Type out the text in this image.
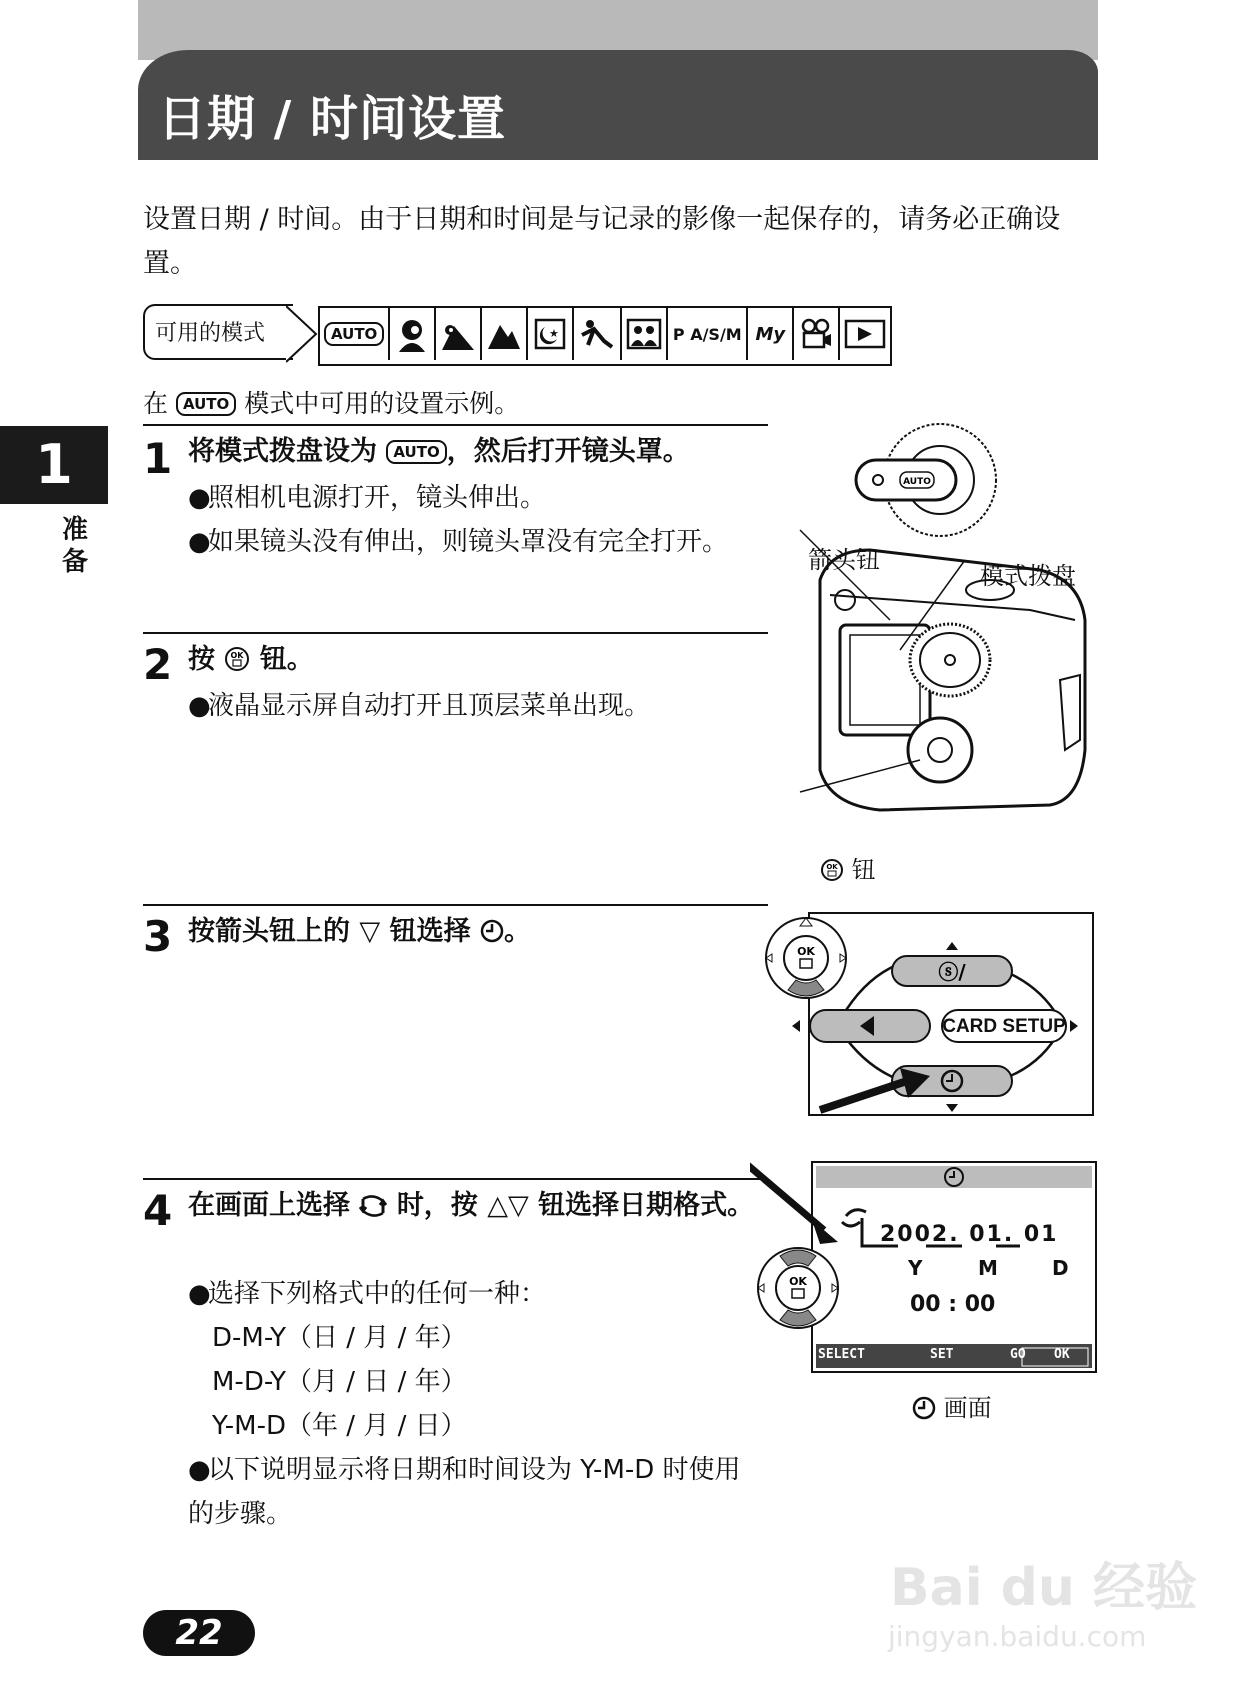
日期 / 时间设置
设置日期 / 时间。由于日期和时间是与记录的影像一起保存的，请务必正确设置。
可用的模式	AUTO	★	P A/S/M My
在 AUTO 模式中可用的设置示例。
1
准备
1 将模式拨盘设为 AUTO ，然后打开镜头罩。
●照相机电源打开，镜头伸出。
●如果镜头没有伸出，则镜头罩没有完全打开。
2 按 OK 钮。
●液晶显示屏自动打开且顶层菜单出现。
3 按箭头钮上的 ▽ 钮选择 。
4 在画面上选择 时，按 △▽ 钮选择日期格式。
●选择下列格式中的任何一种：
D-M-Y（日 / 月 / 年）
M-D-Y（月 / 日 / 年）
Y-M-D（年 / 月 / 日）
●以下说明显示将日期和时间设为 Y-M-D 时使用的步骤。
AUTO
箭头钮
模式拨盘
OK 钮
OK
ⓢ/
CARD SETUP
OK
2002. 01. 01
Y	M	D
00 : 00
SELECT	SET	GO OK
画面
22
Bai du 经验
jingyan.baidu.com
